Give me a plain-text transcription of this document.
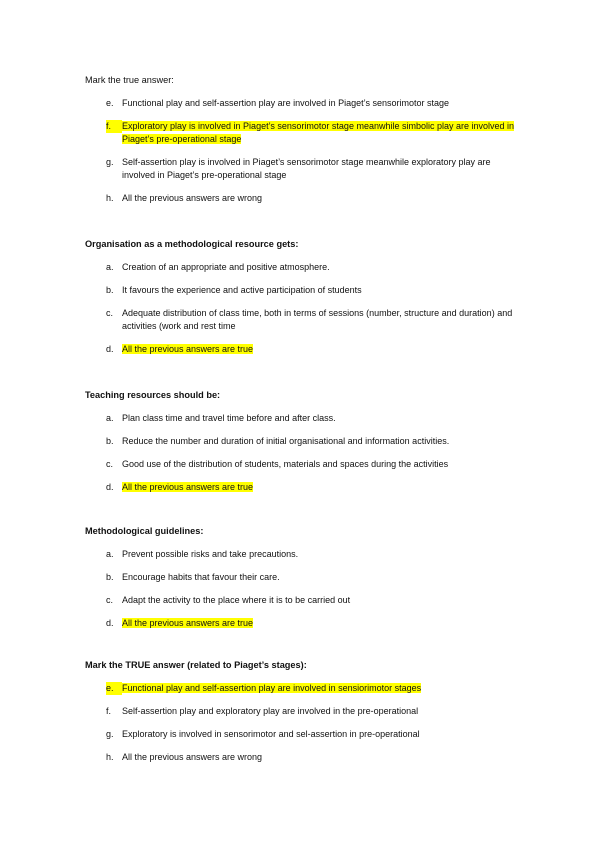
Mark the true answer:

e. Functional play and self-assertion play are involved in Piaget’s sensorimotor stage
f.	Exploratory play is involved in Piaget’s sensorimotor stage meanwhile simbolic play are involved in Piaget’s pre-operational stage
g. Self-assertion play is involved in Piaget’s sensorimotor stage meanwhile exploratory play are involved in Piaget’s pre-operational stage
h. All the previous answers are wrong

Organisation as a methodological resource gets:

a. Creation of an appropriate and positive atmosphere.
b. It favours the experience and active participation of students
c. Adequate distribution of class time, both in terms of sessions (number, structure and duration) and activities (work and rest time
d. All the previous answers are true

Teaching resources should be:

a. Plan class time and travel time before and after class.
b. Reduce the number and duration of initial organisational and information activities.
c. Good use of the distribution of students, materials and spaces during the activities
d. All the previous answers are true

Methodological guidelines:

a. Prevent possible risks and take precautions.
b. Encourage habits that favour their care.
c. Adapt the activity to the place where it is to be carried out
d. All the previous answers are true

Mark the TRUE answer (related to Piaget’s stages):

e. Functional play and self-assertion play are involved in sensiorimotor stages
f.	Self-assertion play and exploratory play are involved in the pre-operational
g. Exploratory is involved in sensorimotor and sel-assertion in pre-operational
h. All the previous answers are wrong
